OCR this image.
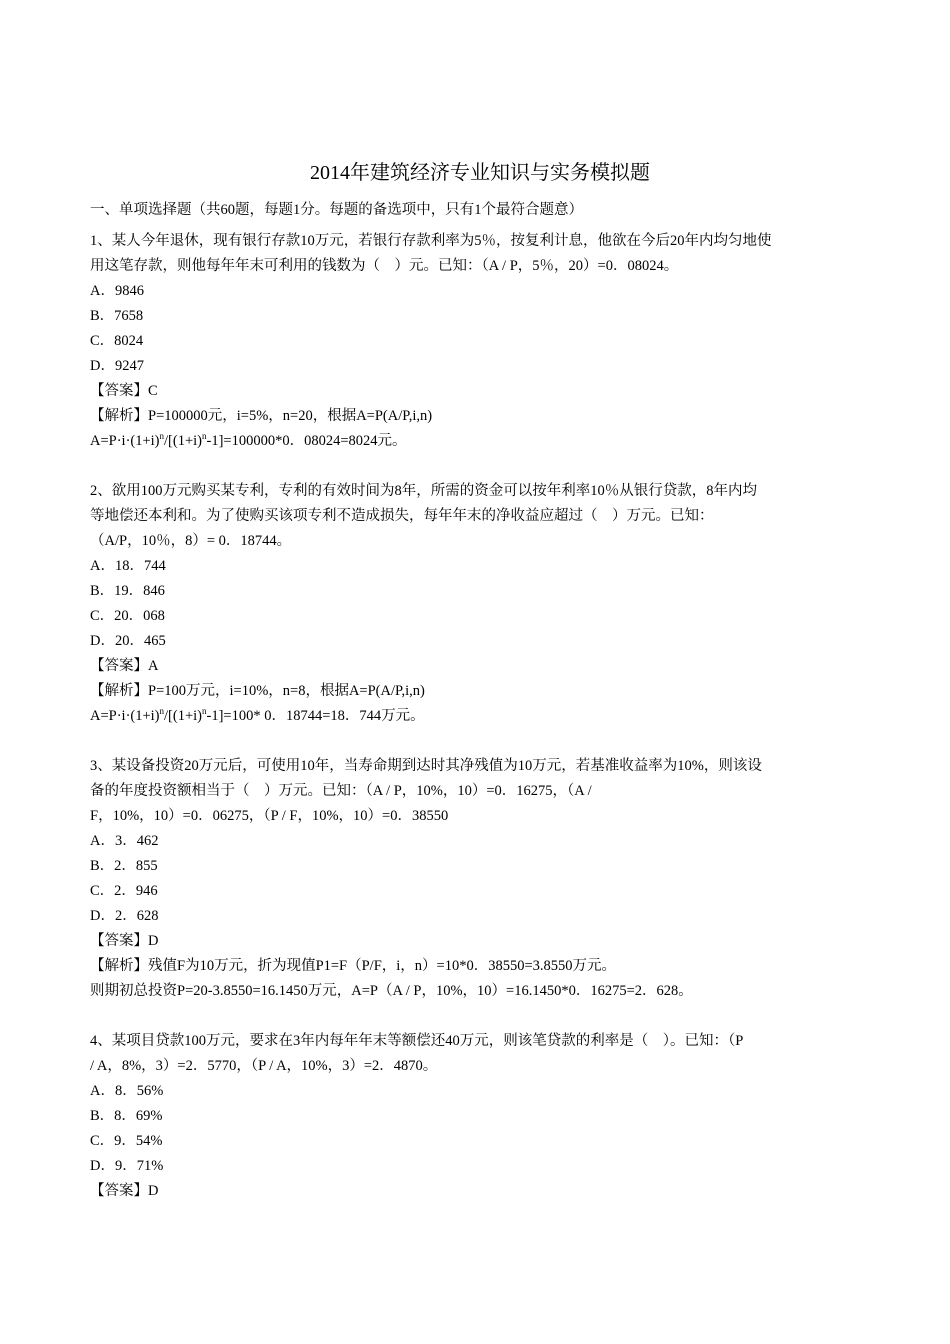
2014年建筑经济专业知识与实务模拟题

一、单项选择题（共60题，每题1分。每题的备选项中，只有1个最符合题意）

1、某人今年退休，现有银行存款10万元，若银行存款利率为5％，按复利计息，他欲在今后20年内均匀地使

用这笔存款，则他每年年末可利用的钱数为（　）元。已知：（A / P，5％，20）=0．08024。

A．9846

B．7658

C．8024

D．9247

【答案】C

【解析】P=100000元，i=5%，n=20，根据A=P(A/P,i,n)

$A=P\cdot i\cdot(1+i)^n/[(1+i)^n-1]=100000*0$．08024=8024元。

2、欲用100万元购买某专利，专利的有效时间为8年，所需的资金可以按年利率10％从银行贷款，8年内均

等地偿还本利和。为了使购买该项专利不造成损失，每年年末的净收益应超过（　）万元。已知：

（A/P，10％，8）= 0．18744。

A．18．744

B．19．846

C．20．068

D．20．465

【答案】A

【解析】P=100万元，i=10%，n=8，根据A=P(A/P,i,n)

$A=P\cdot i\cdot(1+i)^n/[(1+i)^n-1]=100*$ 0．18744=18．744万元。

3、某设备投资20万元后，可使用10年，当寿命期到达时其净残值为10万元，若基准收益率为10%，则该设

备的年度投资额相当于（　）万元。已知：（A / P，10%，10）=0．16275，（A /

F，10%，10）=0．06275，（P / F，10%，10）=0．38550

A．3．462

B．2．855

C．2．946

D．2．628

【答案】D

【解析】残值F为10万元，折为现值P1=F（P/F，i，n）=10*0．38550=3.8550万元。

则期初总投资P=20-3.8550=16.1450万元，A=P（A / P，10%，10）=16.1450*0．16275=2．628。

4、某项目贷款100万元，要求在3年内每年年末等额偿还40万元，则该笔贷款的利率是（　）。已知：（P

/ A，8%，3）=2．5770，（P / A，10%，3）=2．4870。

A．8．56%

B．8．69%

C．9．54%

D．9．71%

【答案】D
